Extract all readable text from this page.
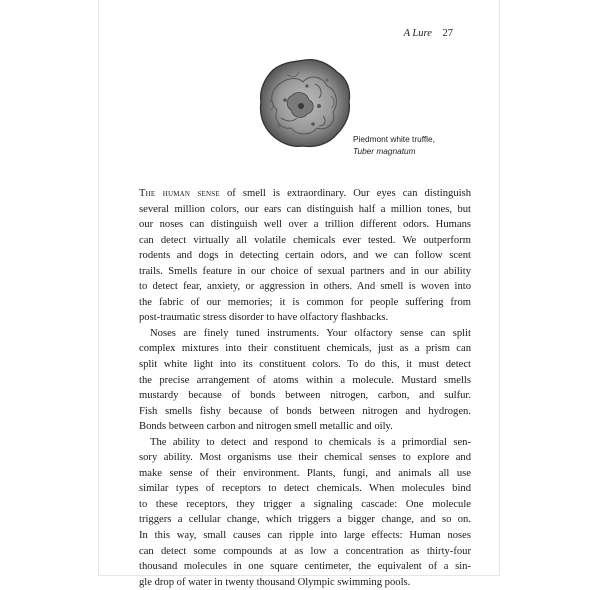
A Lure 27
Piedmont white truffle,
Tuber magnatum
The human sense of smell is extraordinary. Our eyes can distinguish
several million colors, our ears can distinguish half a million tones, but
our noses can distinguish well over a trillion different odors. Humans
can detect virtually all volatile chemicals ever tested. We outperform
rodents and dogs in detecting certain odors, and we can follow scent
trails. Smells feature in our choice of sexual partners and in our ability
to detect fear, anxiety, or aggression in others. And smell is woven into
the fabric of our memories; it is common for people suffering from
post-traumatic stress disorder to have olfactory flashbacks.
Noses are finely tuned instruments. Your olfactory sense can split
complex mixtures into their constituent chemicals, just as a prism can
split white light into its constituent colors. To do this, it must detect
the precise arrangement of atoms within a molecule. Mustard smells
mustardy because of bonds between nitrogen, carbon, and sulfur.
Fish smells fishy because of bonds between nitrogen and hydrogen.
Bonds between carbon and nitrogen smell metallic and oily.
The ability to detect and respond to chemicals is a primordial sen-
sory ability. Most organisms use their chemical senses to explore and
make sense of their environment. Plants, fungi, and animals all use
similar types of receptors to detect chemicals. When molecules bind
to these receptors, they trigger a signaling cascade: One molecule
triggers a cellular change, which triggers a bigger change, and so on.
In this way, small causes can ripple into large effects: Human noses
can detect some compounds at as low a concentration as thirty-four
thousand molecules in one square centimeter, the equivalent of a sin-
gle drop of water in twenty thousand Olympic swimming pools.
